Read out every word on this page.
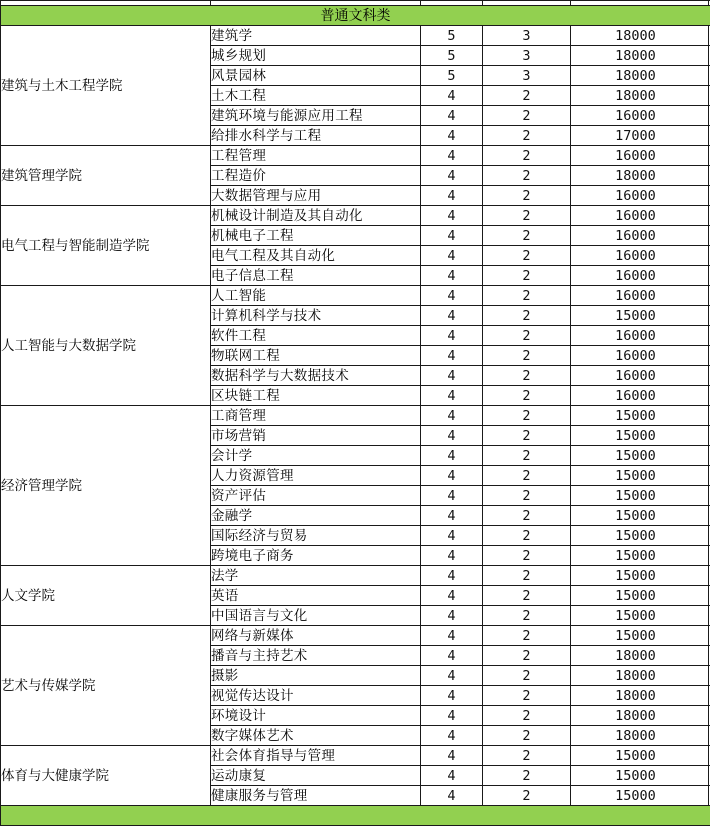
普通文科类					
建筑与土木工程学院	建筑学	5	3	18000	
	城乡规划	5	3	18000	
	风景园林	5	3	18000	
	土木工程	4	2	18000	
	建筑环境与能源应用工程	4	2	16000	
	给排水科学与工程	4	2	17000	
建筑管理学院	工程管理	4	2	16000	
	工程造价	4	2	18000	
	大数据管理与应用	4	2	16000	
电气工程与智能制造学院	机械设计制造及其自动化	4	2	16000	
	机械电子工程	4	2	16000	
	电气工程及其自动化	4	2	16000	
	电子信息工程	4	2	16000	
人工智能与大数据学院	人工智能	4	2	16000	
	计算机科学与技术	4	2	15000	
	软件工程	4	2	16000	
	物联网工程	4	2	16000	
	数据科学与大数据技术	4	2	16000	
	区块链工程	4	2	16000	
经济管理学院	工商管理	4	2	15000	
	市场营销	4	2	15000	
	会计学	4	2	15000	
	人力资源管理	4	2	15000	
	资产评估	4	2	15000	
	金融学	4	2	15000	
	国际经济与贸易	4	2	15000	
	跨境电子商务	4	2	15000	
人文学院	法学	4	2	15000	
	英语	4	2	15000	
	中国语言与文化	4	2	15000	
艺术与传媒学院	网络与新媒体	4	2	15000	
	播音与主持艺术	4	2	18000	
	摄影	4	2	18000	
	视觉传达设计	4	2	18000	
	环境设计	4	2	18000	
	数字媒体艺术	4	2	18000	
体育与大健康学院	社会体育指导与管理	4	2	15000	
	运动康复	4	2	15000	
	健康服务与管理	4	2	15000	
